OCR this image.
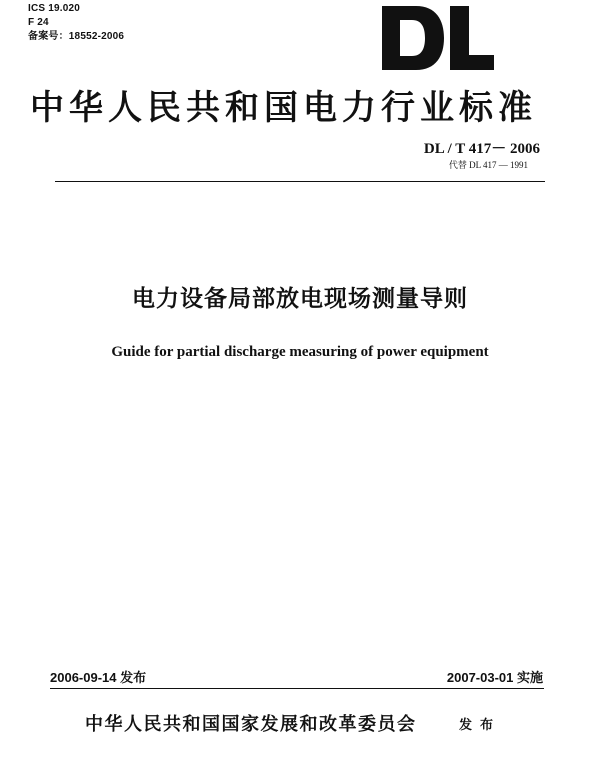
ICS 19.020
F 24
备案号：18552-2006
中华人民共和国电力行业标准
DL / T 417－ 2006
代替 DL 417 — 1991
电力设备局部放电现场测量导则
Guide for partial discharge measuring of power equipment
2006-09-14 发布	2007-03-01 实施
中华人民共和国国家发展和改革委员会	发布
